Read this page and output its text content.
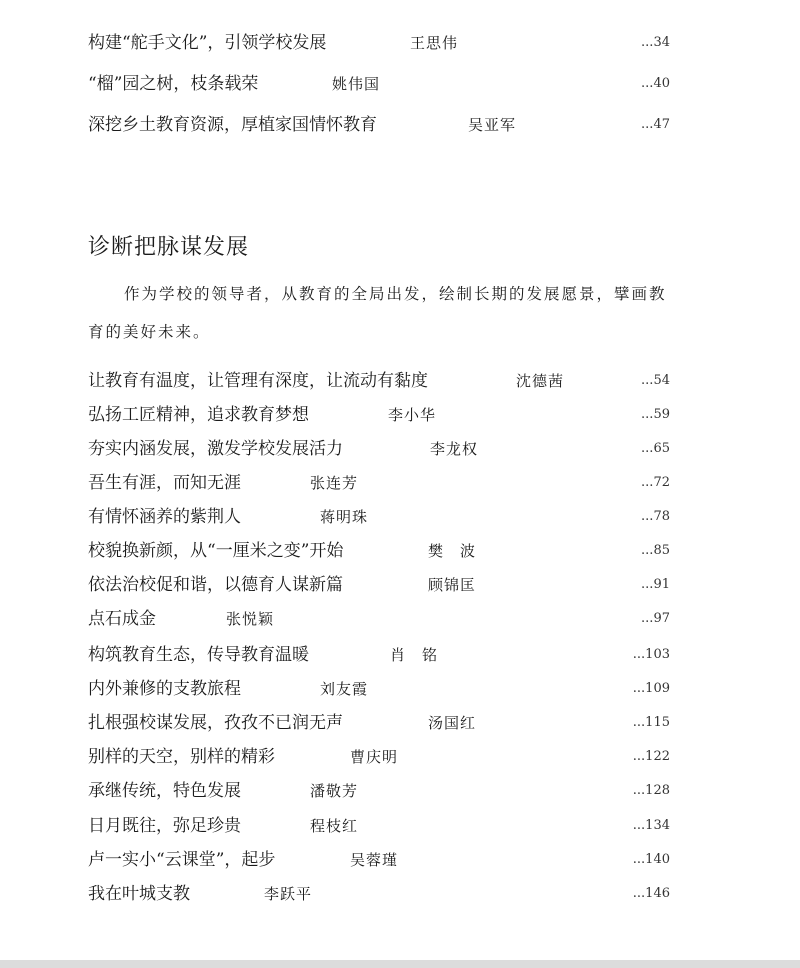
构建“舵手文化”，引领学校发展	王思伟	...34
“榴”园之树，枝条载荣	姚伟国	...40
深挖乡土教育资源，厚植家国情怀教育	吴亚军	...47
诊断把脉谋发展
作为学校的领导者，从教育的全局出发，绘制长期的发展愿景，擘画教育的美好未来。
让教育有温度，让管理有深度，让流动有黏度	沈德茜	...54
弘扬工匠精神，追求教育梦想	李小华	...59
夯实内涵发展，激发学校发展活力	李龙权	...65
吾生有涯，而知无涯	张连芳	...72
有情怀涵养的紫荆人	蒋明珠	...78
校貌换新颜，从“一厘米之变”开始	樊　波	...85
依法治校促和谐，以德育人谋新篇	顾锦匡	...91
点石成金	张悦颖	...97
构筑教育生态，传导教育温暖	肖　铭	...103
内外兼修的支教旅程	刘友霞	...109
扎根强校谋发展，孜孜不已润无声	汤国红	...115
别样的天空，别样的精彩	曹庆明	...122
承继传统，特色发展	潘敬芳	...128
日月既往，弥足珍贵	程枝红	...134
卢一实小“云课堂”，起步	吴蓉瑾	...140
我在叶城支教	李跃平	...146
